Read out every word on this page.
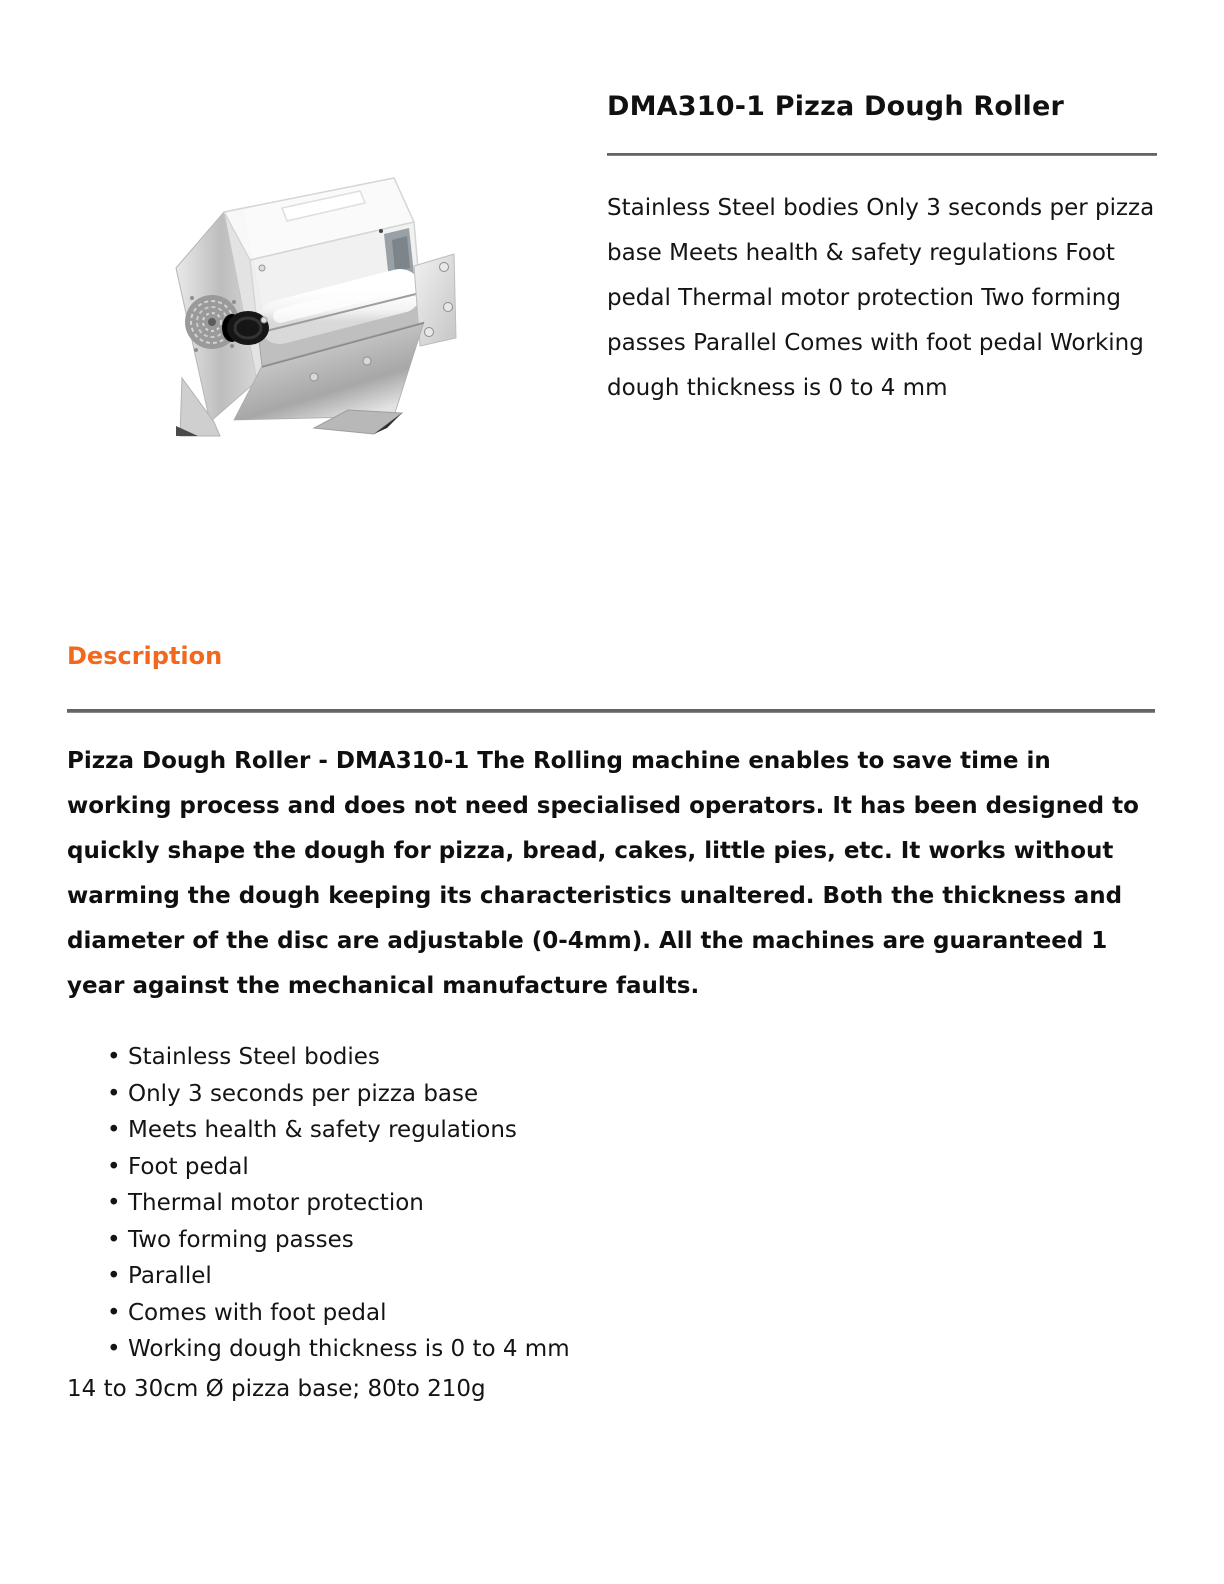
DMA310-1 Pizza Dough Roller

Stainless Steel bodies Only 3 seconds per pizza base Meets health & safety regulations Foot pedal Thermal motor protection Two forming passes Parallel Comes with foot pedal Working dough thickness is 0 to 4 mm

Description

Pizza Dough Roller - DMA310-1 The Rolling machine enables to save time in working process and does not need specialised operators. It has been designed to quickly shape the dough for pizza, bread, cakes, little pies, etc. It works without warming the dough keeping its characteristics unaltered. Both the thickness and diameter of the disc are adjustable (0-4mm). All the machines are guaranteed 1 year against the mechanical manufacture faults.

• Stainless Steel bodies
• Only 3 seconds per pizza base
• Meets health & safety regulations
• Foot pedal
• Thermal motor protection
• Two forming passes
• Parallel
• Comes with foot pedal
• Working dough thickness is 0 to 4 mm

14 to 30cm Ø pizza base; 80to 210g
